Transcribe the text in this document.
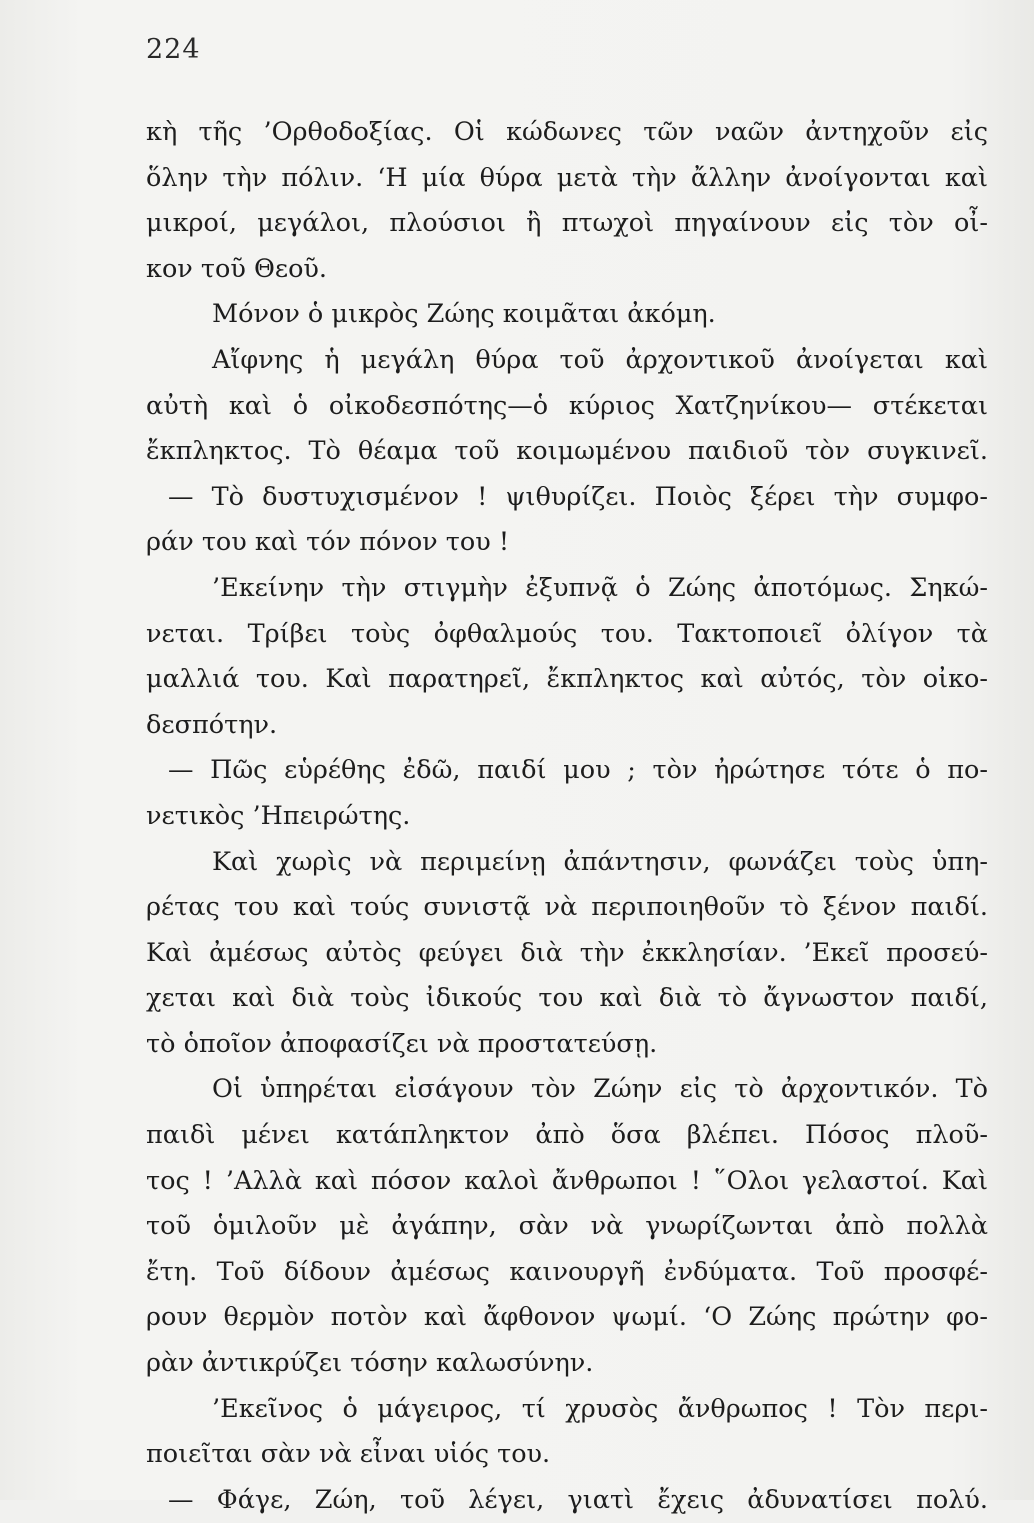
224
κὴ τῆς ’Ορθοδοξίας. Οἱ κώδωνες τῶν ναῶν ἀντηχοῦν εἰς
ὅλην τὴν πόλιν. ‘Η μία θύρα μετὰ τὴν ἄλλην ἀνοίγονται καὶ
μικροί, μεγάλοι, πλούσιοι ἢ πτωχοὶ πηγαίνουν εἰς τὸν οἶ-
κον τοῦ Θεοῦ.
Μόνον ὁ μικρὸς Ζώης κοιμᾶται ἀκόμη.
Αἴφνης ἡ μεγάλη θύρα τοῦ ἀρχοντικοῦ ἀνοίγεται καὶ
αὐτὴ καὶ ὁ οἰκοδεσπότης—ὁ κύριος Χατζηνίκου— στέκεται
ἔκπληκτος. Τὸ θέαμα τοῦ κοιμωμένου παιδιοῦ τὸν συγκινεῖ.
— Τὸ δυστυχισμένον ! ψιθυρίζει. Ποιὸς ξέρει τὴν συμφο-
ράν του καὶ τόν πόνον του !
’Εκείνην τὴν στιγμὴν ἐξυπνᾷ ὁ Ζώης ἀποτόμως. Σηκώ-
νεται. Τρίβει τοὺς ὀφθαλμούς του. Τακτοποιεῖ ὀλίγον τὰ
μαλλιά του. Καὶ παρατηρεῖ, ἔκπληκτος καὶ αὐτός, τὸν οἰκο-
δεσπότην.
— Πῶς εὑρέθης ἐδῶ, παιδί μου ; τὸν ἠρώτησε τότε ὁ πο-
νετικὸς ’Ηπειρώτης.
Καὶ χωρὶς νὰ περιμείνῃ ἀπάντησιν, φωνάζει τοὺς ὑπη-
ρέτας του καὶ τούς συνιστᾷ νὰ περιποιηθοῦν τὸ ξένον παιδί.
Καὶ ἀμέσως αὐτὸς φεύγει διὰ τὴν ἐκκλησίαν. ’Εκεῖ προσεύ-
χεται καὶ διὰ τοὺς ἰδικούς του καὶ διὰ τὸ ἄγνωστον παιδί,
τὸ ὁποῖον ἀποφασίζει νὰ προστατεύσῃ.
Οἱ ὑπηρέται εἰσάγουν τὸν Ζώην εἰς τὸ ἀρχοντικόν. Τὸ
παιδὶ μένει κατάπληκτον ἀπὸ ὅσα βλέπει. Πόσος πλοῦ-
τος ! ’Αλλὰ καὶ πόσον καλοὶ ἄνθρωποι ! ῞Ολοι γελαστοί. Καὶ
τοῦ ὁμιλοῦν μὲ ἀγάπην, σὰν νὰ γνωρίζωνται ἀπὸ πολλὰ
ἔτη. Τοῦ δίδουν ἀμέσως καινουργῆ ἐνδύματα. Τοῦ προσφέ-
ρουν θερμὸν ποτὸν καὶ ἄφθονον ψωμί. ‘Ο Ζώης πρώτην φο-
ρὰν ἀντικρύζει τόσην καλωσύνην.
’Εκεῖνος ὁ μάγειρος, τί χρυσὸς ἄνθρωπος ! Τὸν περι-
ποιεῖται σὰν νὰ εἶναι υἱός του.
— Φάγε, Ζώη, τοῦ λέγει, γιατὶ ἔχεις ἀδυνατίσει πολύ.
